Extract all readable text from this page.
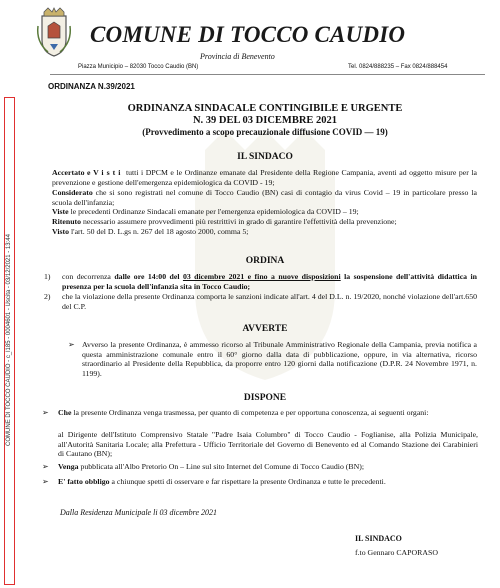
COMUNE DI TOCCO CAUDIO
Provincia di Benevento
Piazza Municipio – 82030 Tocco Caudio (BN)	Tel. 0824/888235 – Fax 0824/888454
ORDINANZA N.39/2021
COMUNE DI TOCCO CAUDIO - c_l185 - 0004601 - Uscita - 03/12/2021 - 13:44
ORDINANZA SINDACALE CONTINGIBILE E URGENTE
N. 39 DEL 03 DICEMBRE 2021
(Provvedimento a scopo precauzionale diffusione COVID — 19)
IL SINDACO
Accertato e Visti tutti i DPCM e le Ordinanze emanate dal Presidente della Regione Campania, aventi ad oggetto misure per la prevenzione e gestione dell'emergenza epidemiologica da COVID - 19;
Considerato che si sono registrati nel comune di Tocco Caudio (BN) casi di contagio da virus Covid – 19 in particolare presso la scuola dell'infanzia;
Viste le precedenti Ordinanze Sindacali emanate per l'emergenza epidemiologica da COVID – 19;
Ritenuto necessario assumere provvedimenti più restrittivi in grado di garantire l'effettività della prevenzione;
Visto l'art. 50 del D. L.gs n. 267 del 18 agosto 2000, comma 5;
ORDINA
1) con decorrenza dalle ore 14:00 del 03 dicembre 2021 e fino a nuove disposizioni la sospensione dell'attività didattica in presenza per la scuola dell'infanzia sita in Tocco Caudio;
2) che la violazione della presente Ordinanza comporta le sanzioni indicate all'art. 4 del D.L. n. 19/2020, nonché violazione dell'art.650 del C.P.
AVVERTE
➢ Avverso la presente Ordinanza, è ammesso ricorso al Tribunale Amministrativo Regionale della Campania, previa notifica a questa amministrazione comunale entro il 60° giorno dalla data di pubblicazione, oppure, in via alternativa, ricorso straordinario al Presidente della Repubblica, da proporre entro 120 giorni dalla notificazione (D.P.R. 24 Novembre 1971, n. 1199).
DISPONE
➢ Che la presente Ordinanza venga trasmessa, per quanto di competenza e per opportuna conoscenza, ai seguenti organi:
al Dirigente dell'Istituto Comprensivo Statale "Padre Isaia Columbro" di Tocco Caudio - Foglianise, alla Polizia Municipale, all'Autorità Sanitaria Locale; alla Prefettura - Ufficio Territoriale del Governo di Benevento ed al Comando Stazione dei Carabinieri di Cautano (BN);
➢ Venga pubblicata all'Albo Pretorio On – Line sul sito Internet del Comune di Tocco Caudio (BN);
➢ E' fatto obbligo a chiunque spetti di osservare e far rispettare la presente Ordinanza e tutte le precedenti.
Dalla Residenza Municipale li 03 dicembre 2021
IL SINDACO
f.to Gennaro CAPORASO
